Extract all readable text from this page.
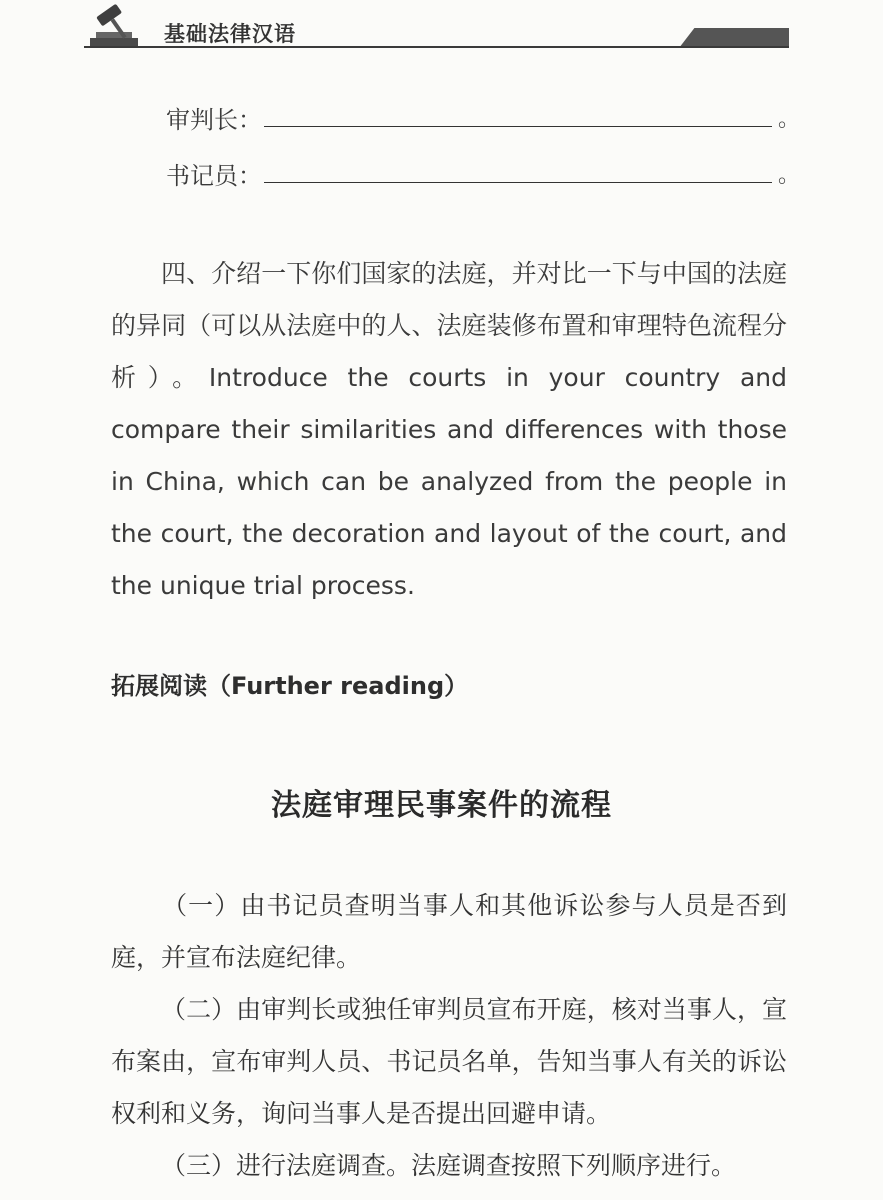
基础法律汉语
审判长：	。
书记员：	。

四、介绍一下你们国家的法庭，并对比一下与中国的法庭的异同（可以从法庭中的人、法庭装修布置和审理特色流程分析）。Introduce the courts in your country and compare their similarities and differences with those in China, which can be analyzed from the people in the court, the decoration and layout of the court, and the unique trial process.

拓展阅读（Further reading）
法庭审理民事案件的流程

（一）由书记员查明当事人和其他诉讼参与人员是否到庭，并宣布法庭纪律。

（二）由审判长或独任审判员宣布开庭，核对当事人，宣布案由，宣布审判人员、书记员名单，告知当事人有关的诉讼权利和义务，询问当事人是否提出回避申请。

（三）进行法庭调查。法庭调查按照下列顺序进行。
